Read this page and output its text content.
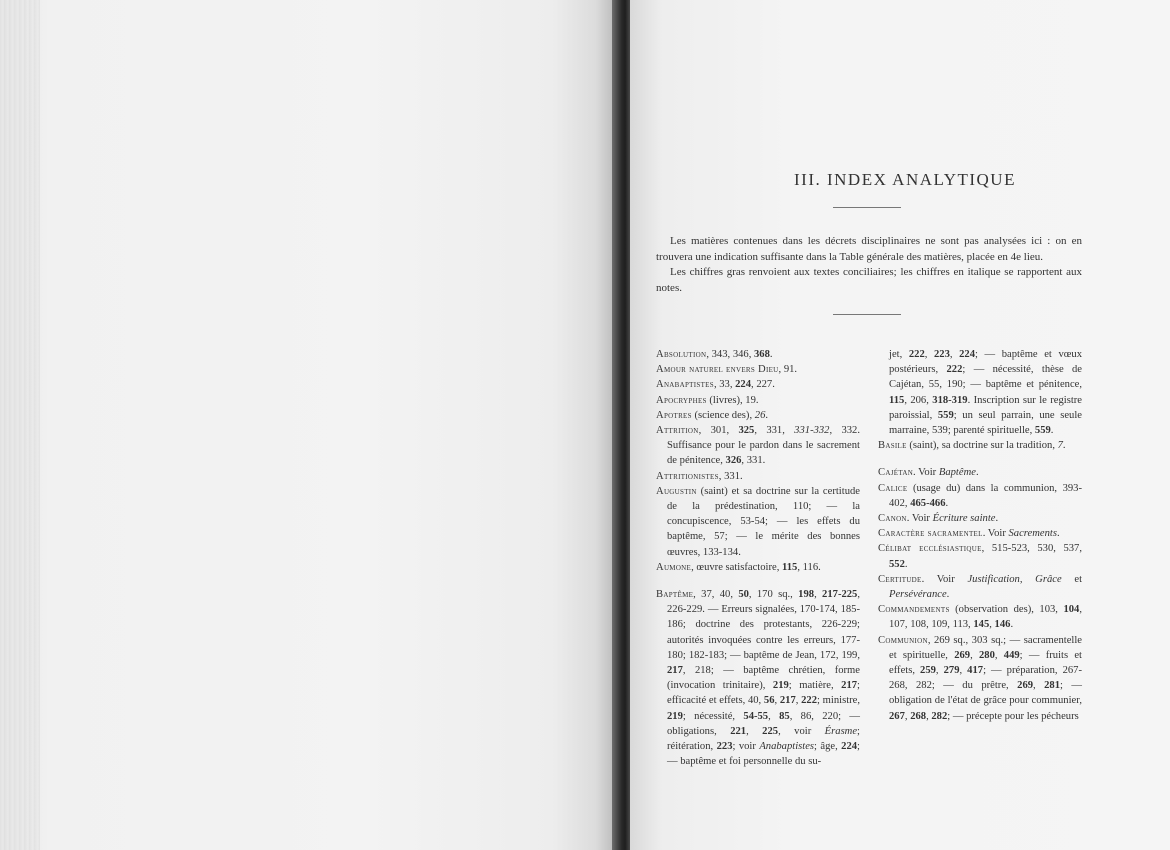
III. INDEX ANALYTIQUE

Les matières contenues dans les décrets disciplinaires ne sont pas analysées ici : on en trouvera une indication suffisante dans la Table générale des matières, placée en 4e lieu.

Les chiffres gras renvoient aux textes conciliaires; les chiffres en italique se rapportent aux notes.

Absolution, 343, 346, 368.

Amour naturel envers Dieu, 91.

Anabaptistes, 33, 224, 227.

Apocryphes (livres), 19.

Apotres (science des), 26.

Attrition, 301, 325, 331, 331-332, 332. Suffisance pour le pardon dans le sacrement de pénitence, 326, 331.

Attritionistes, 331.

Augustin (saint) et sa doctrine sur la certitude de la prédestination, 110; — la concupiscence, 53-54; — les effets du baptême, 57; — le mérite des bonnes œuvres, 133-134.

Aumone, œuvre satisfactoire, 115, 116.

Baptême, 37, 40, 50, 170 sq., 198, 217-225, 226-229. — Erreurs signalées, 170-174, 185-186; doctrine des protestants, 226-229; autorités invoquées contre les erreurs, 177-180; 182-183; — baptême de Jean, 172, 199, 217, 218; — baptême chrétien, forme (invocation trinitaire), 219; matière, 217; efficacité et effets, 40, 56, 217, 222; ministre, 219; nécessité, 54-55, 85, 86, 220; — obligations, 221, 225, voir Érasme; réitération, 223; voir Anabaptistes; âge, 224; — baptême et foi personnelle du su-

jet, 222, 223, 224; — baptême et vœux postérieurs, 222; — nécessité, thèse de Cajétan, 55, 190; — baptême et pénitence, 115, 206, 318-319. Inscription sur le registre paroissial, 559; un seul parrain, une seule marraine, 539; parenté spirituelle, 559.

Basile (saint), sa doctrine sur la tradition, 7.

Cajétan. Voir Baptême.

Calice (usage du) dans la communion, 393-402, 465-466.

Canon. Voir Écriture sainte.

Caractère sacramentel. Voir Sacrements.

Célibat ecclésiastique, 515-523, 530, 537, 552.

Certitude. Voir Justification, Grâce et Persévérance.

Commandements (observation des), 103, 104, 107, 108, 109, 113, 145, 146.

Communion, 269 sq., 303 sq.; — sacramentelle et spirituelle, 269, 280, 449; — fruits et effets, 259, 279, 417; — préparation, 267-268, 282; — du prêtre, 269, 281; — obligation de l'état de grâce pour communier, 267, 268, 282; — précepte pour les pécheurs
